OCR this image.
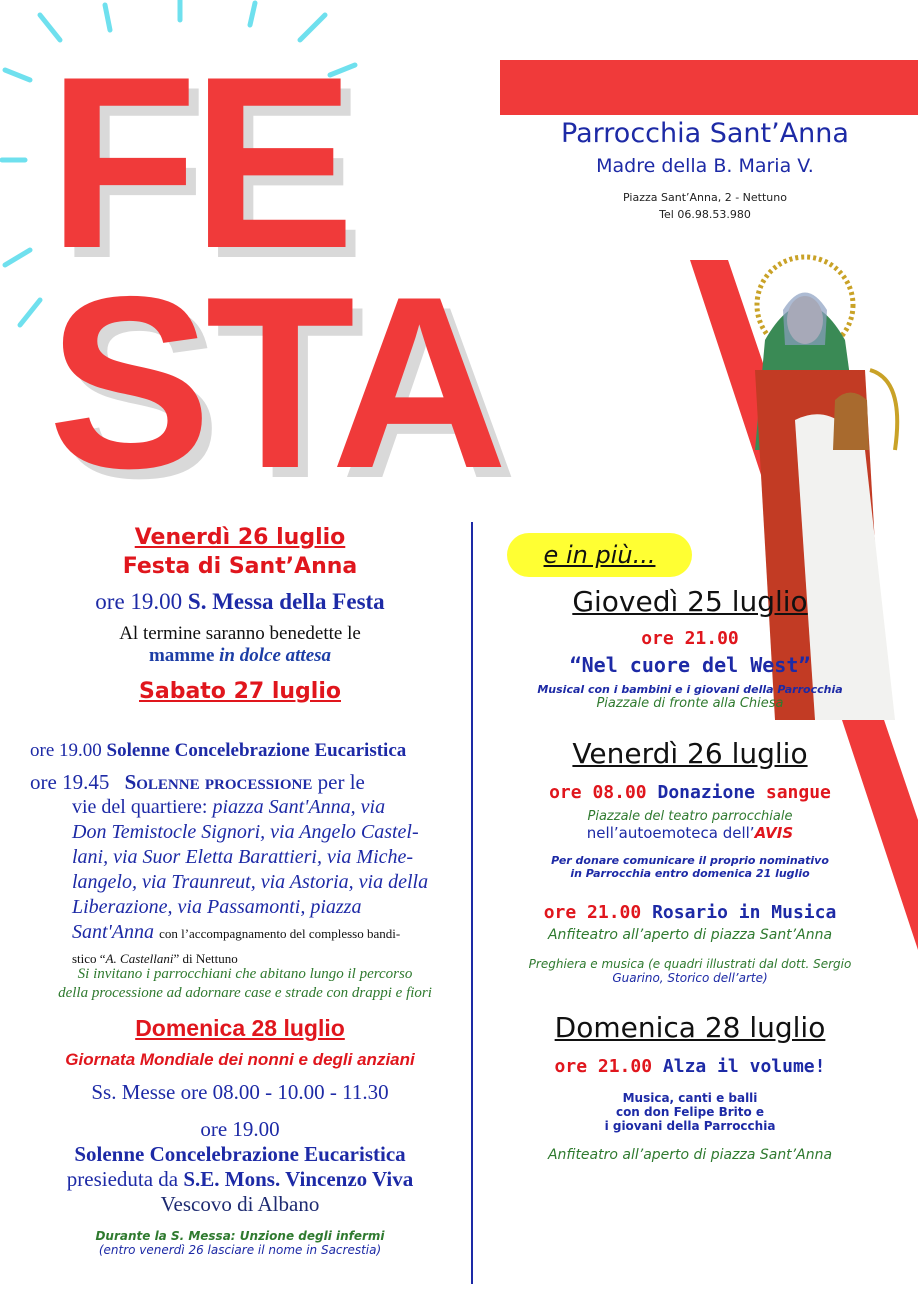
FE
STA
Parrocchia Sant’Anna
Madre della B. Maria V.
Piazza Sant’Anna, 2 - Nettuno
Tel 06.98.53.980
Venerdì 26 luglio
Festa di Sant’Anna
ore 19.00 S. Messa della Festa
Al termine saranno benedette le
mamme in dolce attesa
Sabato 27 luglio
ore 19.00 Solenne Concelebrazione Eucaristica
ore 19.45 Solenne processione per le
vie del quartiere: piazza Sant'Anna, via
Don Temistocle Signori, via Angelo Castel-
lani, via Suor Eletta Barattieri, via Miche-
langelo, via Traunreut, via Astoria, via della
Liberazione, via Passamonti, piazza
Sant'Anna con l’accompagnamento del complesso bandi-
stico “A. Castellani” di Nettuno
Si invitano i parrocchiani che abitano lungo il percorso
della processione ad adornare case e strade con drappi e fiori
Domenica 28 luglio
Giornata Mondiale dei nonni e degli anziani
Ss. Messe ore 08.00 - 10.00 - 11.30
ore 19.00
Solenne Concelebrazione Eucaristica
presieduta da S.E. Mons. Vincenzo Viva
Vescovo di Albano
Durante la S. Messa: Unzione degli infermi
(entro venerdì 26 lasciare il nome in Sacrestia)
e in più...
Giovedì 25 luglio
ore 21.00
“Nel cuore del West”
Musical con i bambini e i giovani della Parrocchia
Piazzale di fronte alla Chiesa
Venerdì 26 luglio
ore 08.00 Donazione sangue
Piazzale del teatro parrocchiale
nell’autoemoteca dell’AVIS
Per donare comunicare il proprio nominativo
in Parrocchia entro domenica 21 luglio
ore 21.00 Rosario in Musica
Anfiteatro all’aperto di piazza Sant’Anna
Preghiera e musica (e quadri illustrati dal dott. Sergio
Guarino, Storico dell’arte)
Domenica 28 luglio
ore 21.00 Alza il volume!
Musica, canti e balli
con don Felipe Brito e
i giovani della Parrocchia
Anfiteatro all’aperto di piazza Sant’Anna
